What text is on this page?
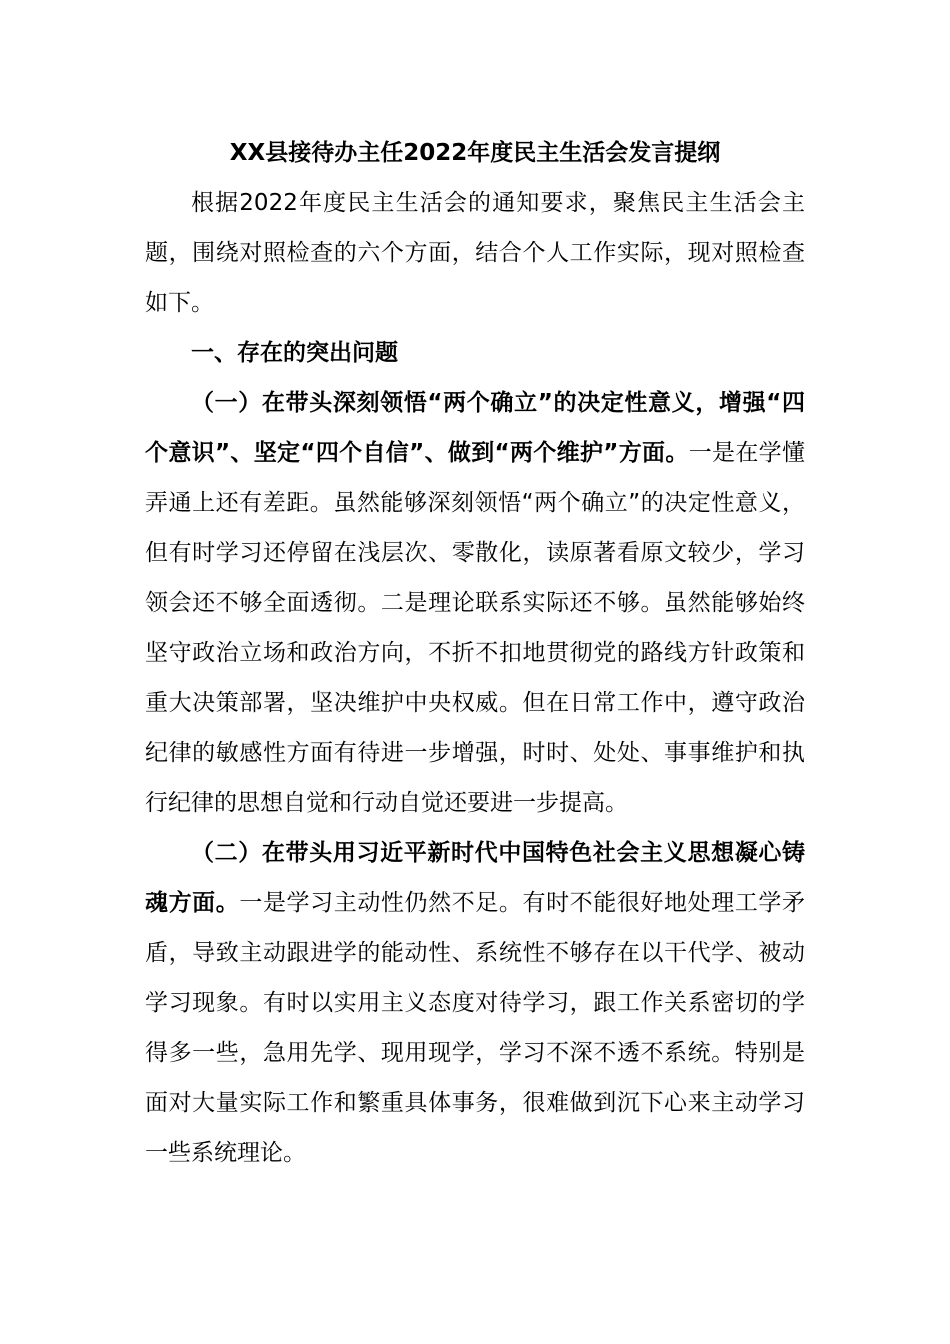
XX县接待办主任2022年度民主生活会发言提纲

根据2022年度民主生活会的通知要求，聚焦民主生活会主题，围绕对照检查的六个方面，结合个人工作实际，现对照检查如下。

一、存在的突出问题

（一）在带头深刻领悟“两个确立”的决定性意义，增强“四个意识”、坚定“四个自信”、做到“两个维护”方面。一是在学懂弄通上还有差距。虽然能够深刻领悟“两个确立”的决定性意义，但有时学习还停留在浅层次、零散化，读原著看原文较少，学习领会还不够全面透彻。二是理论联系实际还不够。虽然能够始终坚守政治立场和政治方向，不折不扣地贯彻党的路线方针政策和重大决策部署，坚决维护中央权威。但在日常工作中，遵守政治纪律的敏感性方面有待进一步增强，时时、处处、事事维护和执行纪律的思想自觉和行动自觉还要进一步提高。

（二）在带头用习近平新时代中国特色社会主义思想凝心铸魂方面。一是学习主动性仍然不足。有时不能很好地处理工学矛盾，导致主动跟进学的能动性、系统性不够存在以干代学、被动学习现象。有时以实用主义态度对待学习，跟工作关系密切的学得多一些，急用先学、现用现学，学习不深不透不系统。特别是面对大量实际工作和繁重具体事务，很难做到沉下心来主动学习一些系统理论。
